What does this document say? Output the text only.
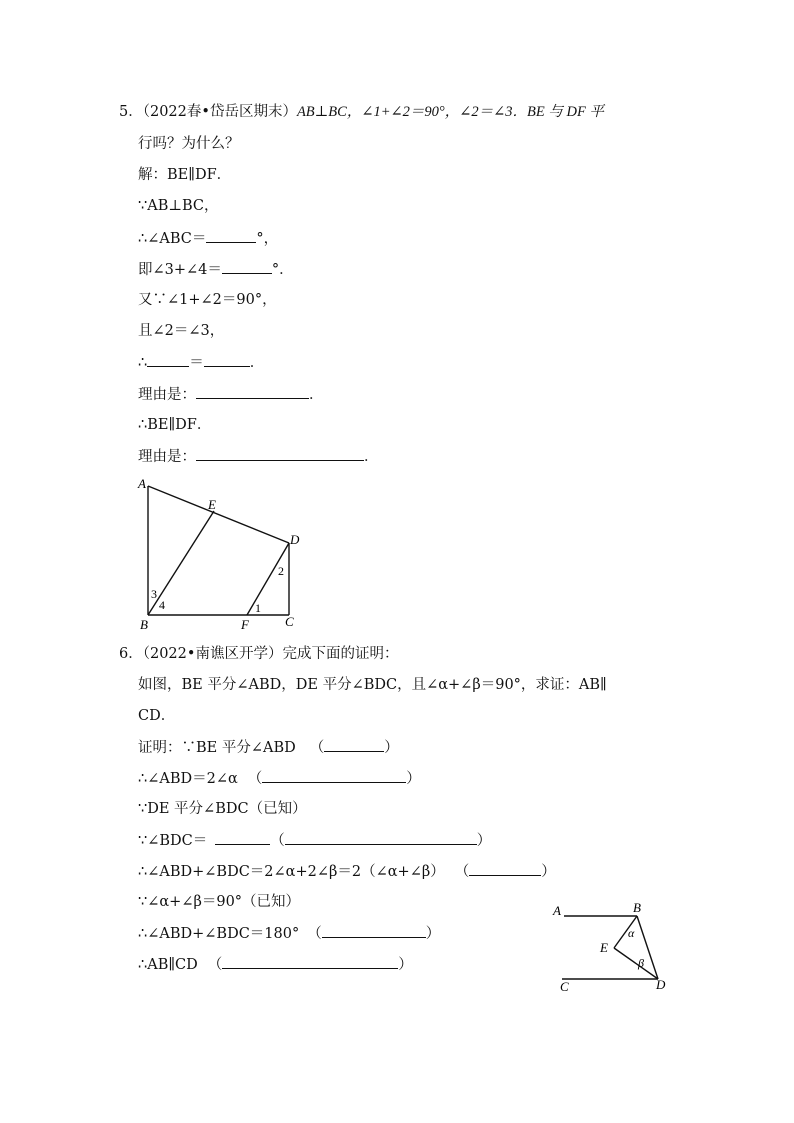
5．（2022春•岱岳区期末）AB⊥BC，∠1+∠2＝90°，∠2＝∠3．BE 与 DF 平
行吗？为什么？
解：BE∥DF．
∵AB⊥BC，
∴∠ABC＝	°，
即∠3+∠4＝	°．
又∵∠1+∠2＝90°，
且∠2＝∠3，
∴	＝	．
理由是：	．
∴BE∥DF．
理由是：	．
A
E
D
B	F	C
1
2
3
4
6．（2022•南谯区开学）完成下面的证明：
如图，BE 平分∠ABD，DE 平分∠BDC，且∠α+∠β＝90°，求证：AB∥
CD．
证明：∵BE 平分∠ABD （	）
∴∠ABD＝2∠α （	）
∵DE 平分∠BDC（已知）
∵∠BDC＝	（	）
∴∠ABD+∠BDC＝2∠α+2∠β＝2（∠α+∠β） （	）
∵∠α+∠β＝90°（已知）
∴∠ABD+∠BDC＝180° （	）
∴AB∥CD （	）
A	B
C	D
E
α
β
